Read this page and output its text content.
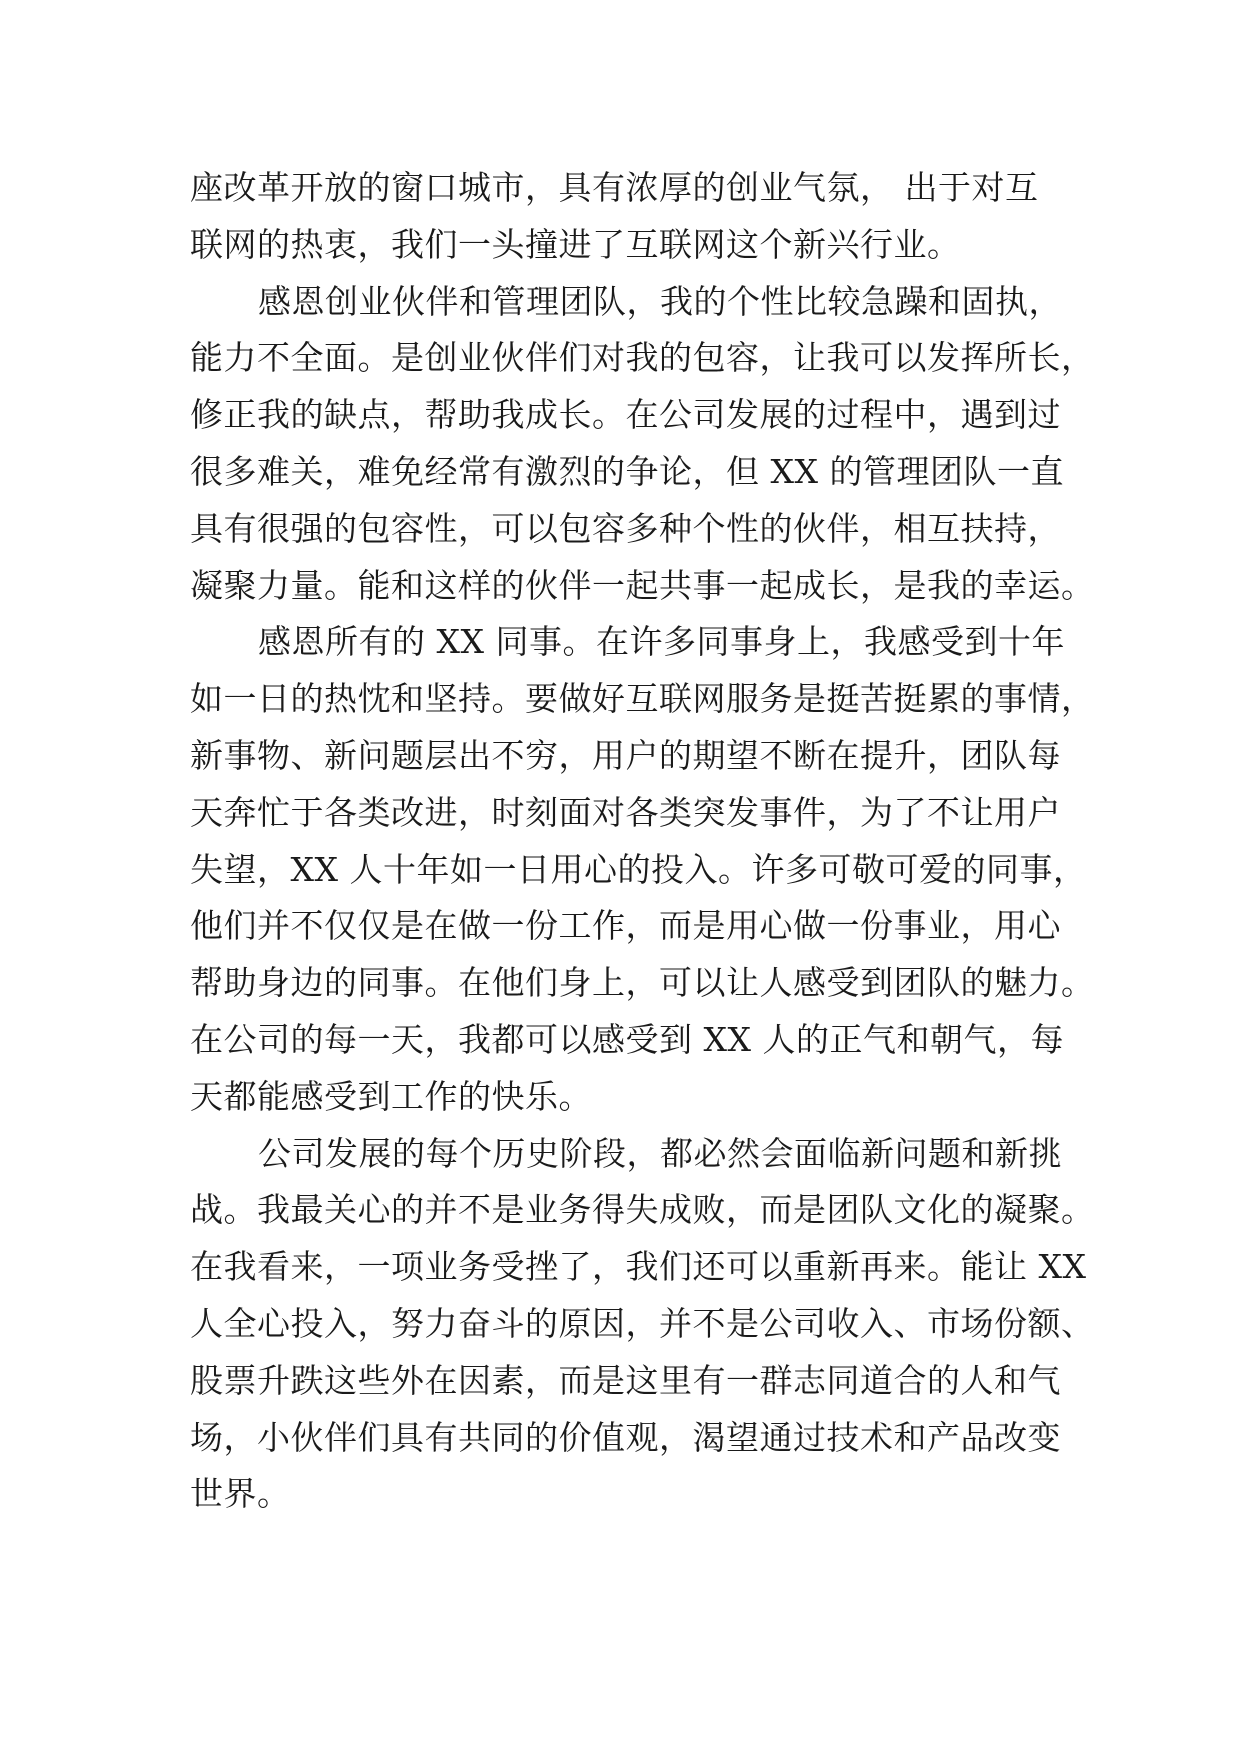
座改革开放的窗口城市，具有浓厚的创业气氛， 出于对互
联网的热衷，我们一头撞进了互联网这个新兴行业。
感恩创业伙伴和管理团队，我的个性比较急躁和固执，
能力不全面。是创业伙伴们对我的包容，让我可以发挥所长，
修正我的缺点，帮助我成长。在公司发展的过程中，遇到过
很多难关，难免经常有激烈的争论，但 XX 的管理团队一直
具有很强的包容性，可以包容多种个性的伙伴，相互扶持，
凝聚力量。能和这样的伙伴一起共事一起成长，是我的幸运。
感恩所有的 XX 同事。在许多同事身上，我感受到十年
如一日的热忱和坚持。要做好互联网服务是挺苦挺累的事情，
新事物、新问题层出不穷，用户的期望不断在提升，团队每
天奔忙于各类改进，时刻面对各类突发事件，为了不让用户
失望，XX 人十年如一日用心的投入。许多可敬可爱的同事，
他们并不仅仅是在做一份工作，而是用心做一份事业，用心
帮助身边的同事。在他们身上，可以让人感受到团队的魅力。
在公司的每一天，我都可以感受到 XX 人的正气和朝气，每
天都能感受到工作的快乐。
公司发展的每个历史阶段，都必然会面临新问题和新挑
战。我最关心的并不是业务得失成败，而是团队文化的凝聚。
在我看来，一项业务受挫了，我们还可以重新再来。能让 XX
人全心投入，努力奋斗的原因，并不是公司收入、市场份额、
股票升跌这些外在因素，而是这里有一群志同道合的人和气
场，小伙伴们具有共同的价值观，渴望通过技术和产品改变
世界。
